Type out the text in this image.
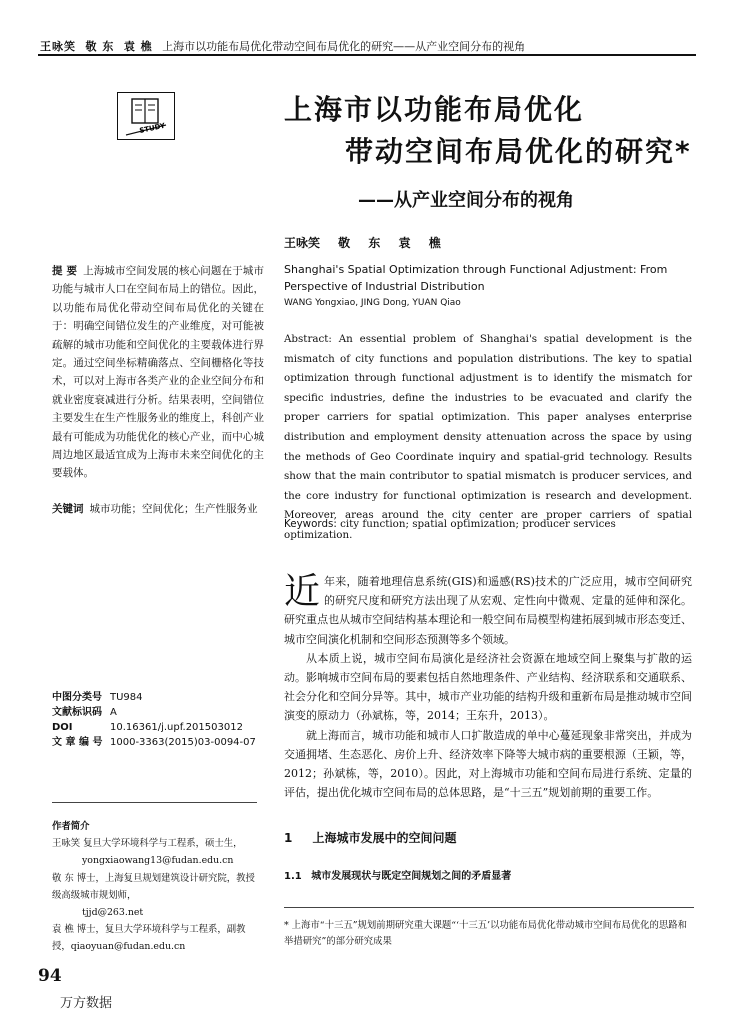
王咏笑 敬 东 袁 樵 上海市以功能布局优化带动空间布局优化的研究——从产业空间分布的视角
STUDY
上海市以功能布局优化
带动空间布局优化的研究*
——从产业空间分布的视角
王咏笑 敬 东 袁 樵
提 要 上海城市空间发展的核心问题在于城市功能与城市人口在空间布局上的错位。因此，以功能布局优化带动空间布局优化的关键在于：明确空间错位发生的产业维度，对可能被疏解的城市功能和空间优化的主要载体进行界定。通过空间坐标精确落点、空间栅格化等技术，可以对上海市各类产业的企业空间分布和就业密度衰减进行分析。结果表明，空间错位主要发生在生产性服务业的维度上，科创产业最有可能成为功能优化的核心产业，而中心城周边地区最适宜成为上海市未来空间优化的主要载体。
关键词 城市功能；空间优化；生产性服务业
Shanghai's Spatial Optimization through Functional Adjustment: From Perspective of Industrial Distribution
WANG Yongxiao, JING Dong, YUAN Qiao
Abstract: An essential problem of Shanghai's spatial development is the mismatch of city functions and population distributions. The key to spatial optimization through functional adjustment is to identify the mismatch for specific industries, define the industries to be evacuated and clarify the proper carriers for spatial optimization. This paper analyses enterprise distribution and employment density attenuation across the space by using the methods of Geo Coordinate inquiry and spatial-grid technology. Results show that the main contributor to spatial mismatch is producer services, and the core industry for functional optimization is research and development. Moreover, areas around the city center are proper carriers of spatial optimization.
Keywords: city function; spatial optimization; producer services

近年来，随着地理信息系统(GIS)和遥感(RS)技术的广泛应用，城市空间研究的研究尺度和研究方法出现了从宏观、定性向中微观、定量的延伸和深化。研究重点也从城市空间结构基本理论和一般空间布局模型构建拓展到城市形态变迁、城市空间演化机制和空间形态预测等多个领域。

从本质上说，城市空间布局演化是经济社会资源在地域空间上聚集与扩散的运动。影响城市空间布局的要素包括自然地理条件、产业结构、经济联系和交通联系、社会分化和空间分异等。其中，城市产业功能的结构升级和重新布局是推动城市空间演变的原动力（孙斌栋，等，2014；王东升，2013）。

就上海而言，城市功能和城市人口扩散造成的单中心蔓延现象非常突出，并成为交通拥堵、生态恶化、房价上升、经济效率下降等大城市病的重要根源（王颖，等，2012；孙斌栋，等，2010）。因此，对上海城市功能和空间布局进行系统、定量的评估，提出优化城市空间布局的总体思路，是“十三五”规划前期的重要工作。

中图分类号 TU984
文献标识码 A
DOI	10.16361/j.upf.201503012
文 章 编 号 1000-3363(2015)03-0094-07
作者简介
王咏笑 复旦大学环境科学与工程系，硕士生，
yongxiaowang13@fudan.edu.cn
敬 东 博士，上海复旦规划建筑设计研究院，教授级高级城市规划师，
tjjd@263.net
袁 樵 博士，复旦大学环境科学与工程系，副教授，qiaoyuan@fudan.edu.cn
1 上海城市发展中的空间问题
1.1 城市发展现状与既定空间规划之间的矛盾显著
* 上海市“十三五”规划前期研究重大课题“‘十三五’以功能布局优化带动城市空间布局优化的思路和举措研究”的部分研究成果
94
万方数据
